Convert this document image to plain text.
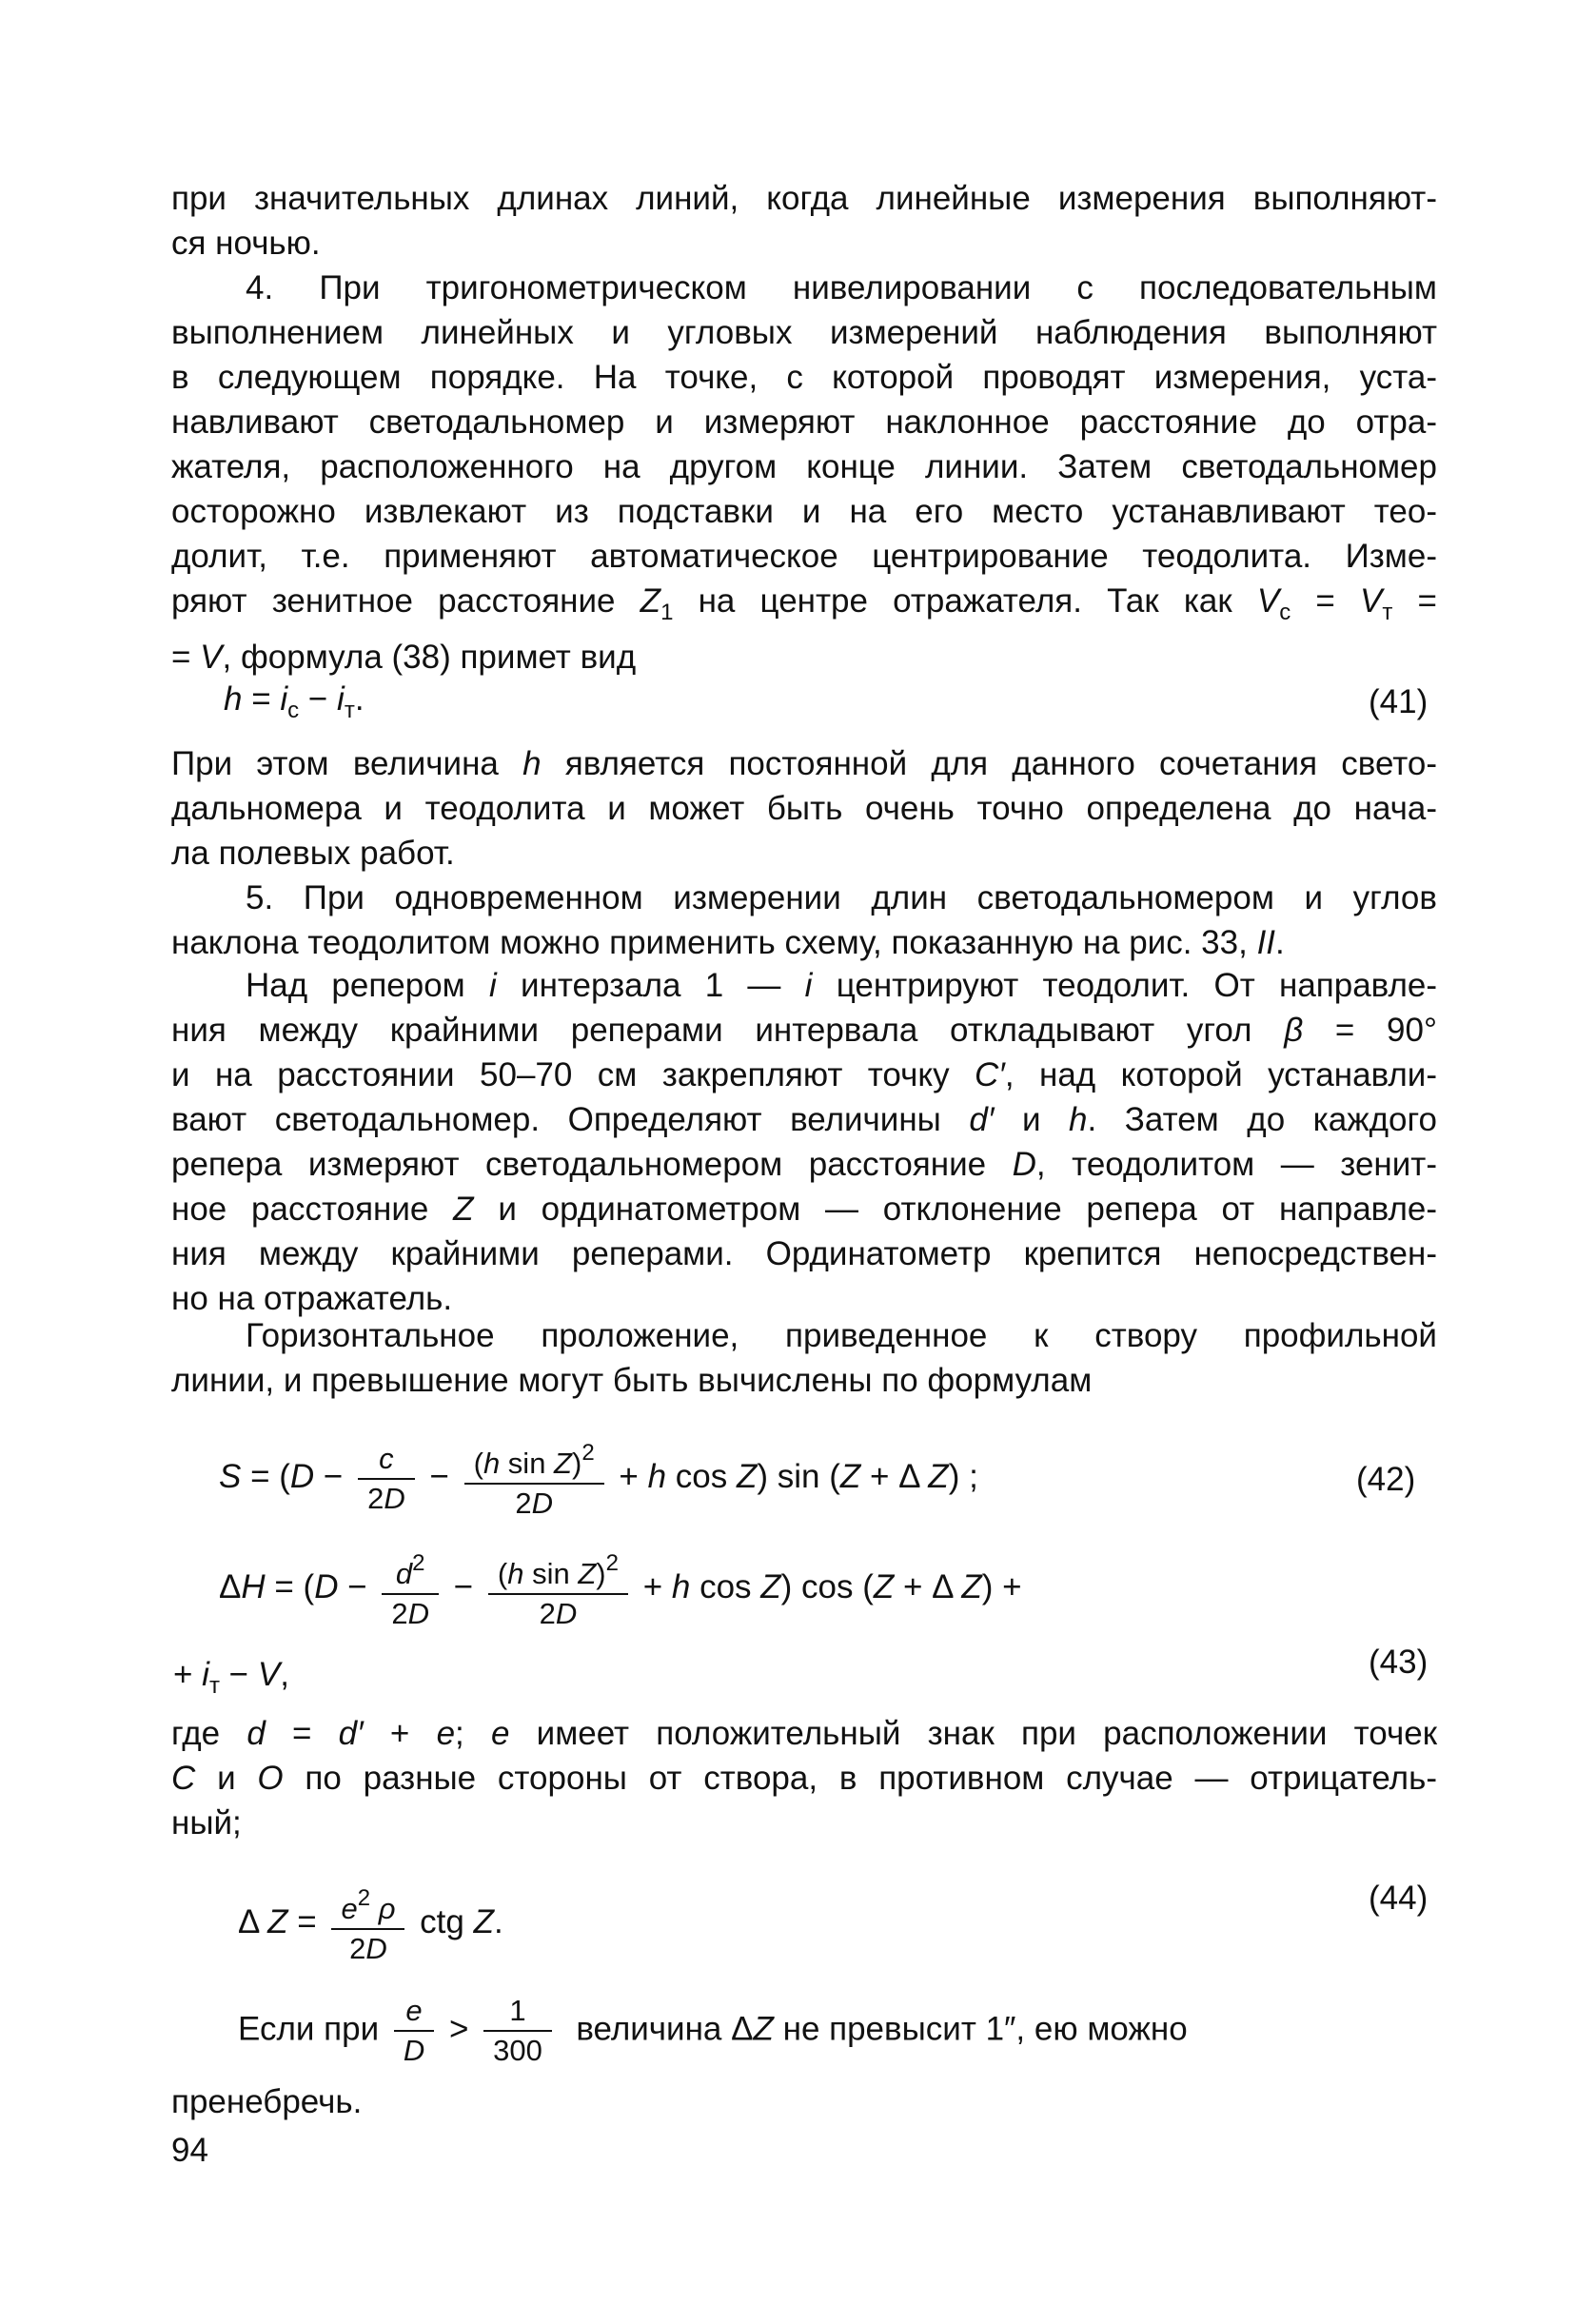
при значительных длинах линий, когда линейные измерения выполняют-
ся ночью.
4. При тригонометрическом нивелировании с последовательным
выполнением линейных и угловых измерений наблюдения выполняют
в следующем порядке. На точке, с которой проводят измерения, уста-
навливают светодальномер и измеряют наклонное расстояние до отра-
жателя, расположенного на другом конце линии. Затем светодальномер
осторожно извлекают из подставки и на его место устанавливают тео-
долит, т.е. применяют автоматическое центрирование теодолита. Изме-
ряют зенитное расстояние $Z_1$ на центре отражателя. Так как $V_c = V_т$ =
= V, формула (38) примет вид
$h = i_c - i_т$.	(41)
При этом величина h является постоянной для данного сочетания свето-
дальномера и теодолита и может быть очень точно определена до нача-
ла полевых работ.
5. При одновременном измерении длин светодальномером и углов
наклона теодолитом можно применить схему, показанную на рис. 33, II.
Над репером i интерзала 1 — i центрируют теодолит. От направле-
ния между крайними реперами интервала откладывают угол β = 90°
и на расстоянии 50–70 см закрепляют точку C′, над которой устанавли-
вают светодальномер. Определяют величины d′ и h. Затем до каждого
репера измеряют светодальномером расстояние D, теодолитом — зенит-
ное расстояние Z и ординатометром — отклонение репера от направле-
ния между крайними реперами. Ординатометр крепится непосредствен-
но на отражатель.
Горизонтальное проложение, приведенное к створу профильной
линии, и превышение могут быть вычислены по формулам
$S = (D - \frac{c}{2D} - \frac{(h \sin Z)^2}{2D} + h$ cos Z) sin (Z + Δ Z) ;	(42)
$\Delta H = (D - \frac{d^2}{2D} - \frac{(h \sin Z)^2}{2D} + h$ cos Z) cos (Z + Δ Z) +
+ $i_т - V$,	(43)
где d = d′ + e; e имеет положительный знак при расположении точек
C и O по разные стороны от створа, в противном случае — отрицатель-
ный;
Δ $Z = \frac{e^2 \rho}{2D}$ ctg Z.
(44)
Если при $\frac{e}{D} > \frac{1}{300}$ величина ΔZ не превысит 1″, ею можно
пренебречь.
94
